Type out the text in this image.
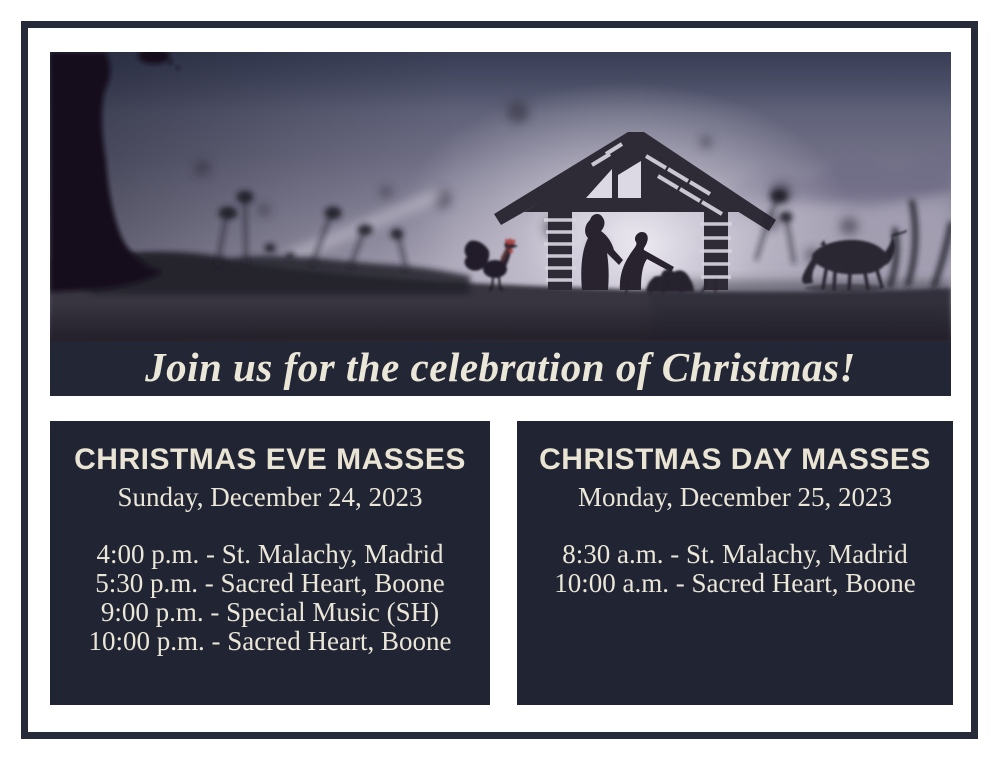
Join us for the celebration of Christmas!
CHRISTMAS EVE MASSES
Sunday, December 24, 2023
4:00 p.m. - St. Malachy, Madrid
5:30 p.m. - Sacred Heart, Boone
9:00 p.m. - Special Music (SH)
10:00 p.m. - Sacred Heart, Boone
CHRISTMAS DAY MASSES
Monday, December 25, 2023
8:30 a.m. - St. Malachy, Madrid
10:00 a.m. - Sacred Heart, Boone
